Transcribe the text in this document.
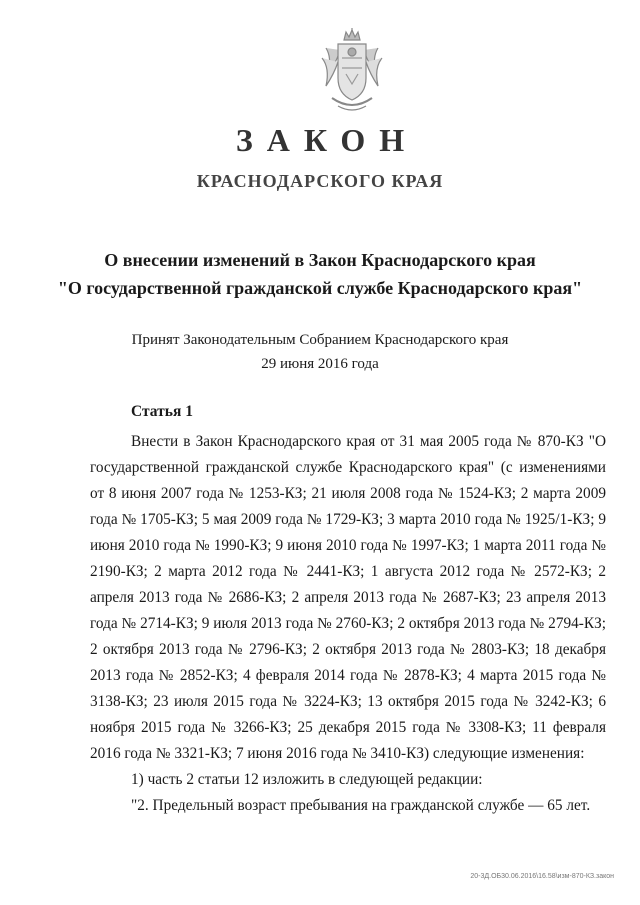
ЗАКОН
КРАСНОДАРСКОГО КРАЯ
О внесении изменений в Закон Краснодарского края
"О государственной гражданской службе Краснодарского края"
Принят Законодательным Собранием Краснодарского края
29 июня 2016 года
Статья 1

Внести в Закон Краснодарского края от 31 мая 2005 года № 870-КЗ "О государственной гражданской службе Краснодарского края" (с изменениями от 8 июня 2007 года № 1253-КЗ; 21 июля 2008 года № 1524-КЗ; 2 марта 2009 года № 1705-КЗ; 5 мая 2009 года № 1729-КЗ; 3 марта 2010 года № 1925/1-КЗ; 9 июня 2010 года № 1990-КЗ; 9 июня 2010 года № 1997-КЗ; 1 марта 2011 года № 2190-КЗ; 2 марта 2012 года № 2441-КЗ; 1 августа 2012 года № 2572-КЗ; 2 апреля 2013 года № 2686-КЗ; 2 апреля 2013 года № 2687-КЗ; 23 апреля 2013 года № 2714-КЗ; 9 июля 2013 года № 2760-КЗ; 2 октября 2013 года № 2794-КЗ; 2 октября 2013 года № 2796-КЗ; 2 октября 2013 года № 2803-КЗ; 18 декабря 2013 года № 2852-КЗ; 4 февраля 2014 года № 2878-КЗ; 4 марта 2015 года № 3138-КЗ; 23 июля 2015 года № 3224-КЗ; 13 октября 2015 года № 3242-КЗ; 6 ноября 2015 года № 3266-КЗ; 25 декабря 2015 года № 3308-КЗ; 11 февраля 2016 года № 3321-КЗ; 7 июня 2016 года № 3410-КЗ) следующие изменения:

1) часть 2 статьи 12 изложить в следующей редакции:

"2. Предельный возраст пребывания на гражданской службе — 65 лет.

20-3Д.ОБ30.06.2016\16.58\изм-870-КЗ.закон
